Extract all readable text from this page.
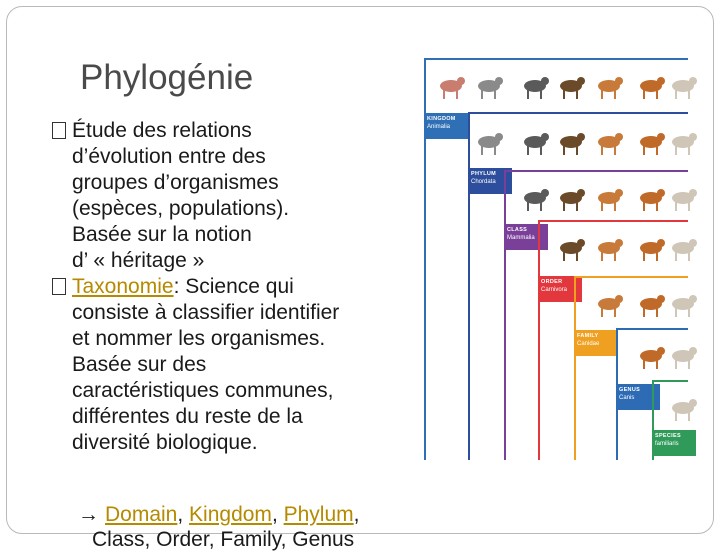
Phylogénie
Étude des relations
d’évolution entre des
groupes d’organismes
(espèces, populations).
Basée sur la notion
d’ « héritage »
Taxonomie: Science qui
consiste à classifier identifier
et nommer les organismes.
Basée sur des
caractéristiques communes,
différentes du reste de la
diversité biologique.
→ Domain, Kingdom, Phylum,
Class, Order, Family, Genus
KINGDOM
Animalia
PHYLUM
Chordata
CLASS
Mammalia
ORDER
Carnivora
FAMILY
Canidae
GENUS
Canis
SPECIES
familiaris
